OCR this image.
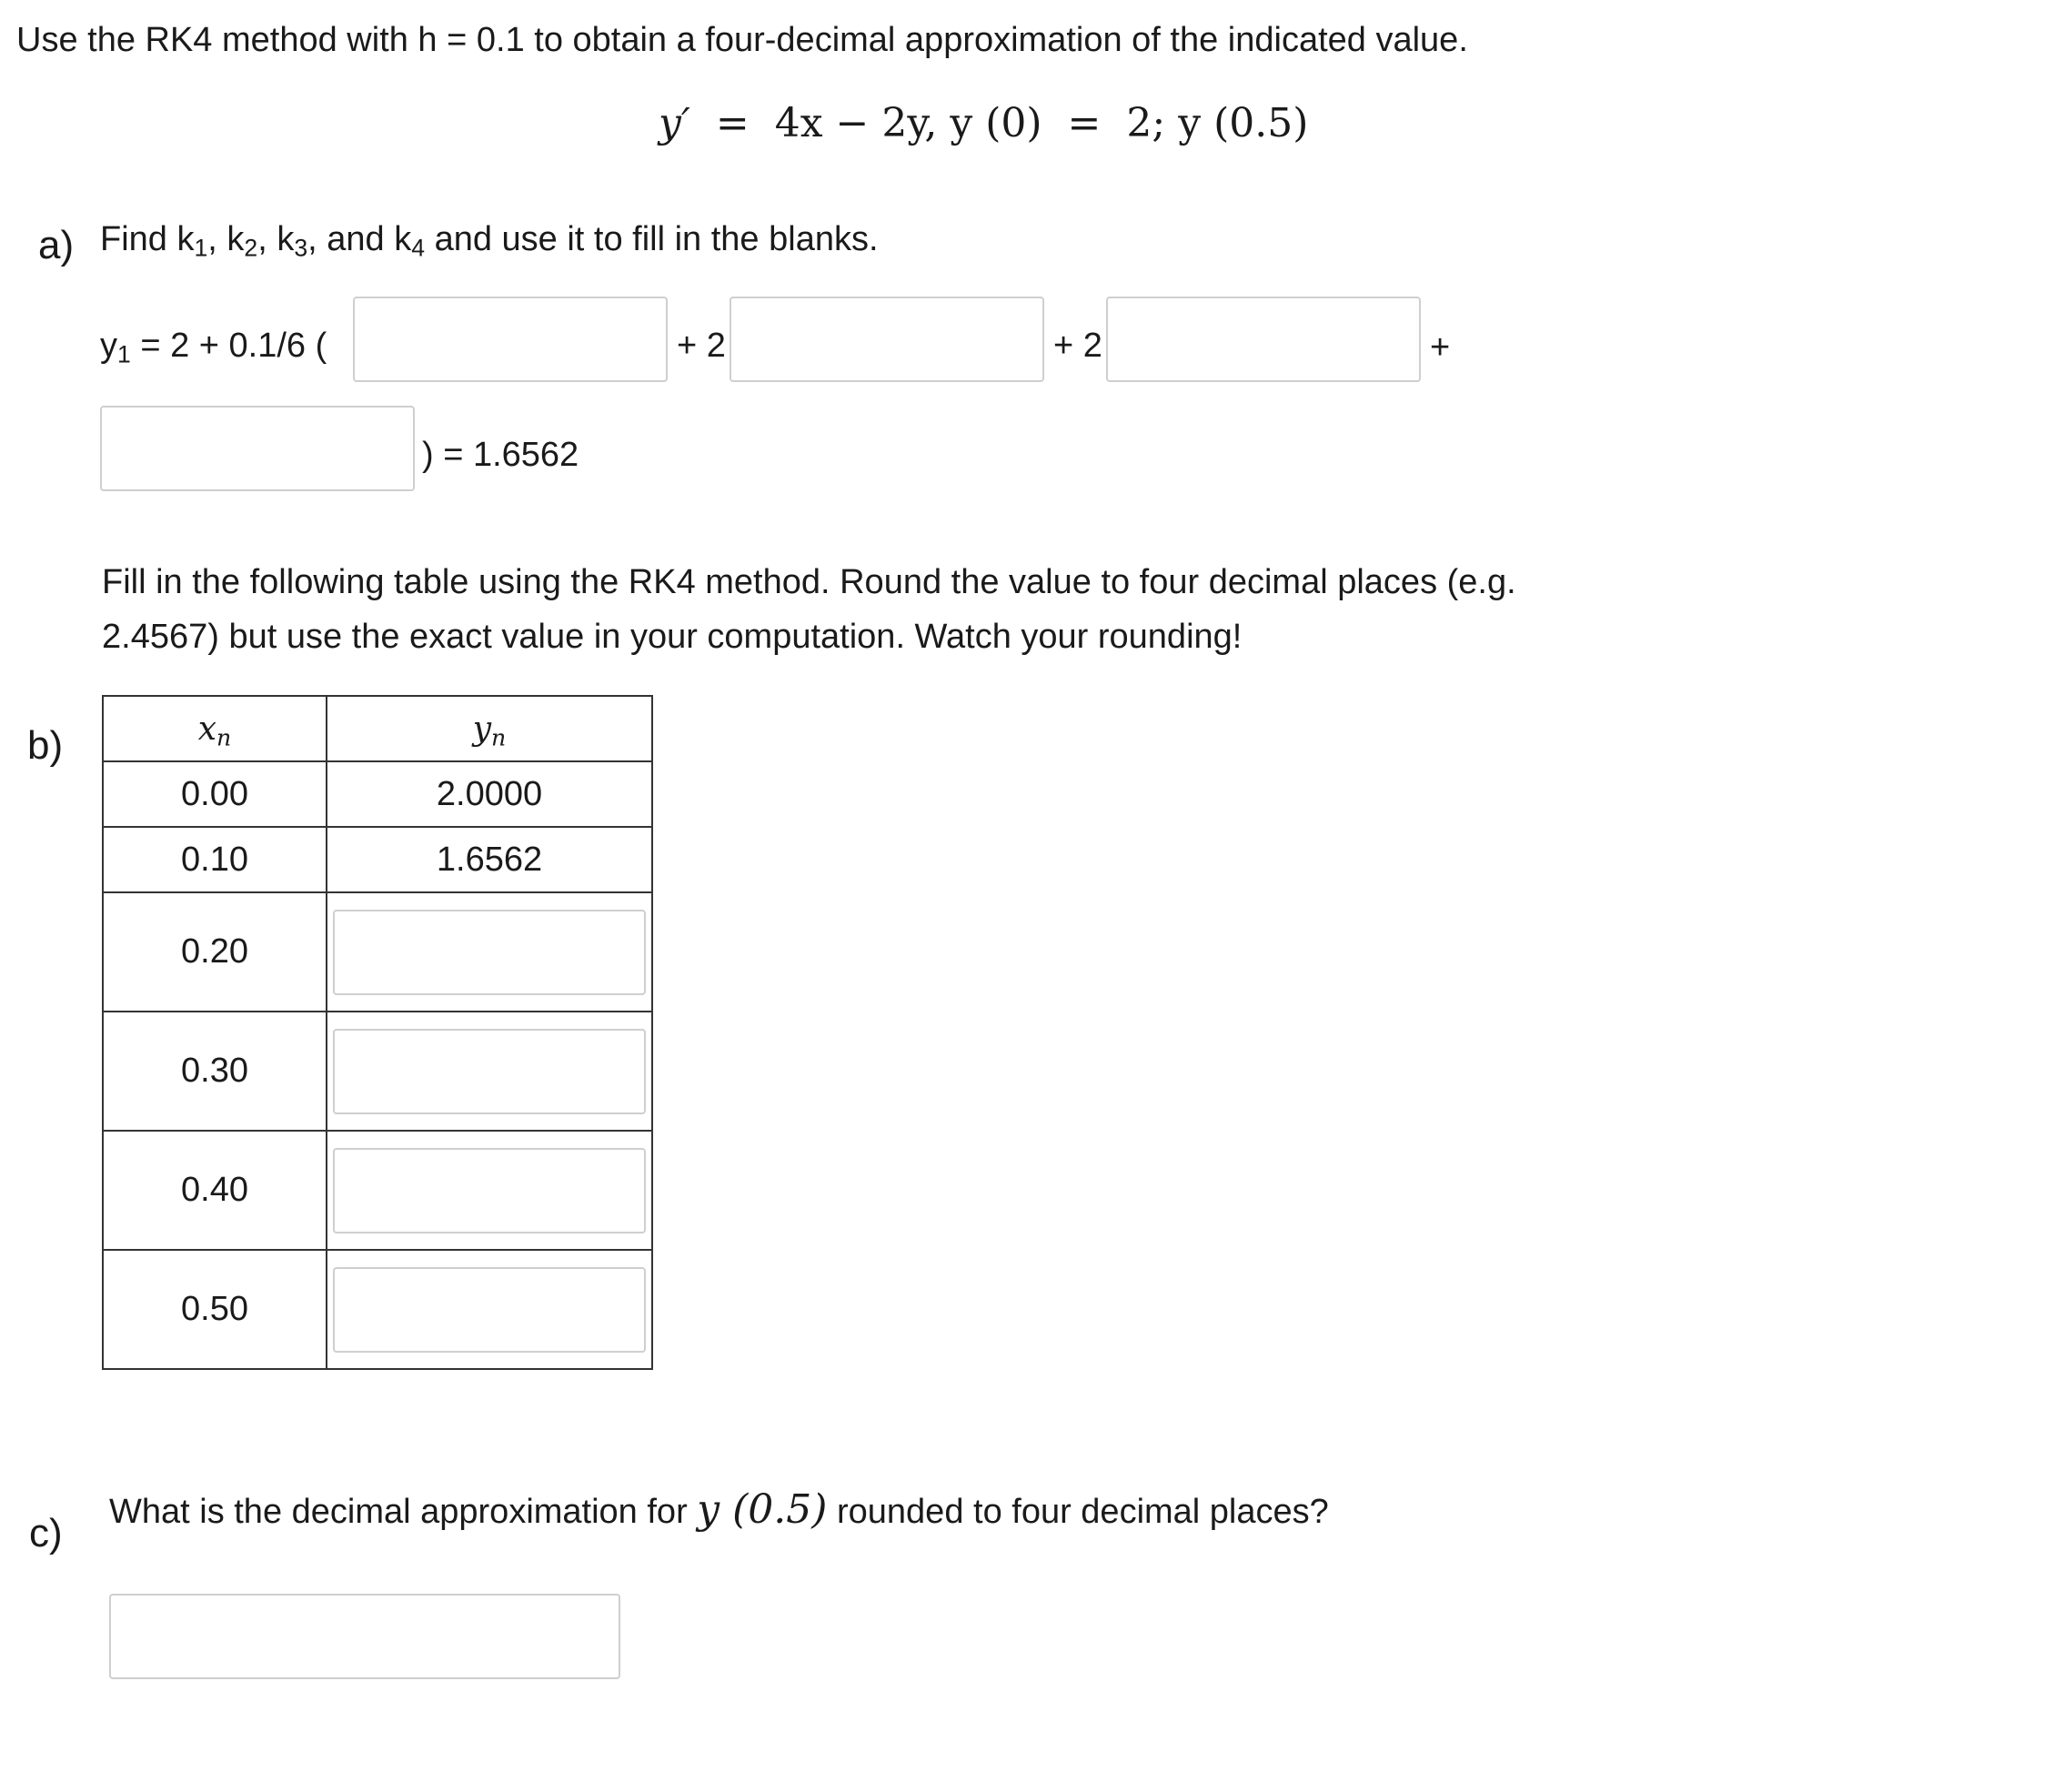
Use the RK4 method with h = 0.1 to obtain a four-decimal approximation of the indicated value.
y′ = 4x − 2y, y (0) = 2; y (0.5)
a) Find $k_1$, $k_2$, $k_3$, and $k_4$ and use it to fill in the blanks.
$y_1 = 2 + 0.1/6$ (	+ 2	+ 2	+
) = 1.6562
Fill in the following table using the RK4 method. Round the value to four decimal places (e.g.
2.4567) but use the exact value in your computation. Watch your rounding!
b)	$x_n$	$y_n$
0.00	2.0000
0.10	1.6562
0.20	

0.30	

0.40	

0.50	
c) What is the decimal approximation for y (0.5) rounded to four decimal places?
